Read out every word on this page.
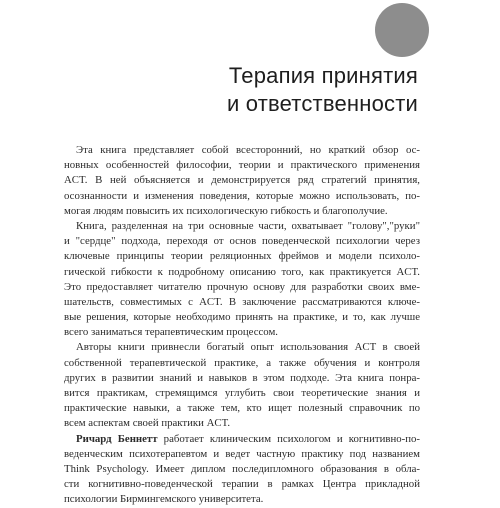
Терапия принятия
и ответственности

Эта книга представляет собой всесторонний, но краткий обзор ос-
новных особенностей философии, теории и практического применения
ACT. В ней объясняется и демонстрируется ряд стратегий принятия,
осознанности и изменения поведения, которые можно использовать, по-
могая людям повысить их психологическую гибкость и благополучие.

Книга, разделенная на три основные части, охватывает "голову","руки"
и "сердце" подхода, переходя от основ поведенческой психологии через
ключевые принципы теории реляционных фреймов и модели психоло-
гической гибкости к подробному описанию того, как практикуется ACT.
Это предоставляет читателю прочную основу для разработки своих вме-
шательств, совместимых с ACT. В заключение рассматриваются ключе-
вые решения, которые необходимо принять на практике, и то, как лучше
всего заниматься терапевтическим процессом.

Авторы книги привнесли богатый опыт использования ACT в своей
собственной терапевтической практике, а также обучения и контроля
других в развитии знаний и навыков в этом подходе. Эта книга понра-
вится практикам, стремящимся углубить свои теоретические знания и
практические навыки, а также тем, кто ищет полезный справочник по
всем аспектам своей практики ACT.

Ричард Беннетт работает клиническим психологом и когнитивно-по-
веденческим психотерапевтом и ведет частную практику под названием
Think Psychology. Имеет диплом последипломного образования в обла-
сти когнитивно-поведенческой терапии в рамках Центра прикладной
психологии Бирмингемского университета.
